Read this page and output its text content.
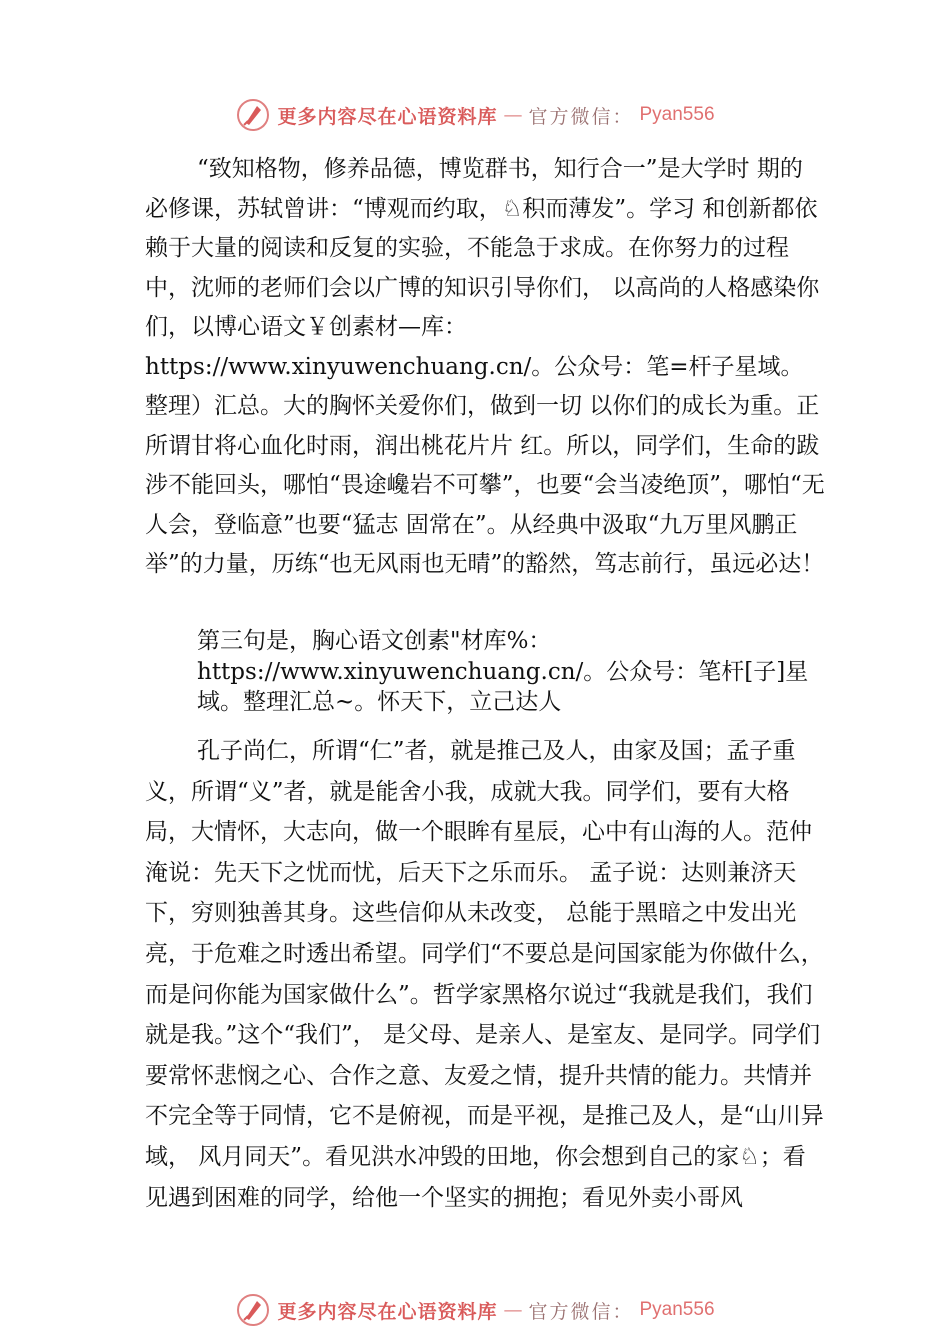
更多内容尽在心语资料库 — 官方微信： Pyan556

“致知格物，修养品德，博览群书，知行合一”是大学时 期的必修课，苏轼曾讲：“博观而约取，♘积而薄发”。学习 和创新都依赖于大量的阅读和反复的实验，不能急于求成。在你努力的过程中，沈师的老师们会以广博的知识引导你们， 以高尚的人格感染你们，以博心语文￥创素材—库：https://www.xinyuwenchuang.cn/。公众号：笔=杆子星域。整理）汇总。大的胸怀关爱你们，做到一切 以你们的成长为重。正所谓甘将心血化时雨，润出桃花片片 红。所以，同学们，生命的跋涉不能回头，哪怕“畏途巉岩不可攀”，也要“会当凌绝顶”，哪怕“无人会，登临意”也要“猛志 固常在”。从经典中汲取“九万里风鹏正举”的力量，历练“也无风雨也无晴”的豁然，笃志前行，虽远必达！

第三句是，胸心语文创素"材库%：https://www.xinyuwenchuang.cn/。公众号：笔杆[子]星域。整理汇总~。怀天下，立己达人

孔子尚仁，所谓“仁”者，就是推己及人，由家及国；孟子重义，所谓“义”者，就是能舍小我，成就大我。同学们，要有大格局，大情怀，大志向，做一个眼眸有星辰，心中有山海的人。范仲淹说：先天下之忧而忧，后天下之乐而乐。 孟子说：达则兼济天下，穷则独善其身。这些信仰从未改变， 总能于黑暗之中发出光亮，于危难之时透出希望。同学们“不要总是问国家能为你做什么，而是问你能为国家做什么”。哲学家黑格尔说过“我就是我们，我们就是我。”这个“我们”， 是父母、是亲人、是室友、是同学。同学们要常怀悲悯之心、合作之意、友爱之情，提升共情的能力。共情并不完全等于同情，它不是俯视，而是平视，是推己及人，是“山川异域， 风月同天”。看见洪水冲毁的田地，你会想到自己的家♘；看见遇到困难的同学，给他一个坚实的拥抱；看见外卖小哥风

更多内容尽在心语资料库 — 官方微信： Pyan556
